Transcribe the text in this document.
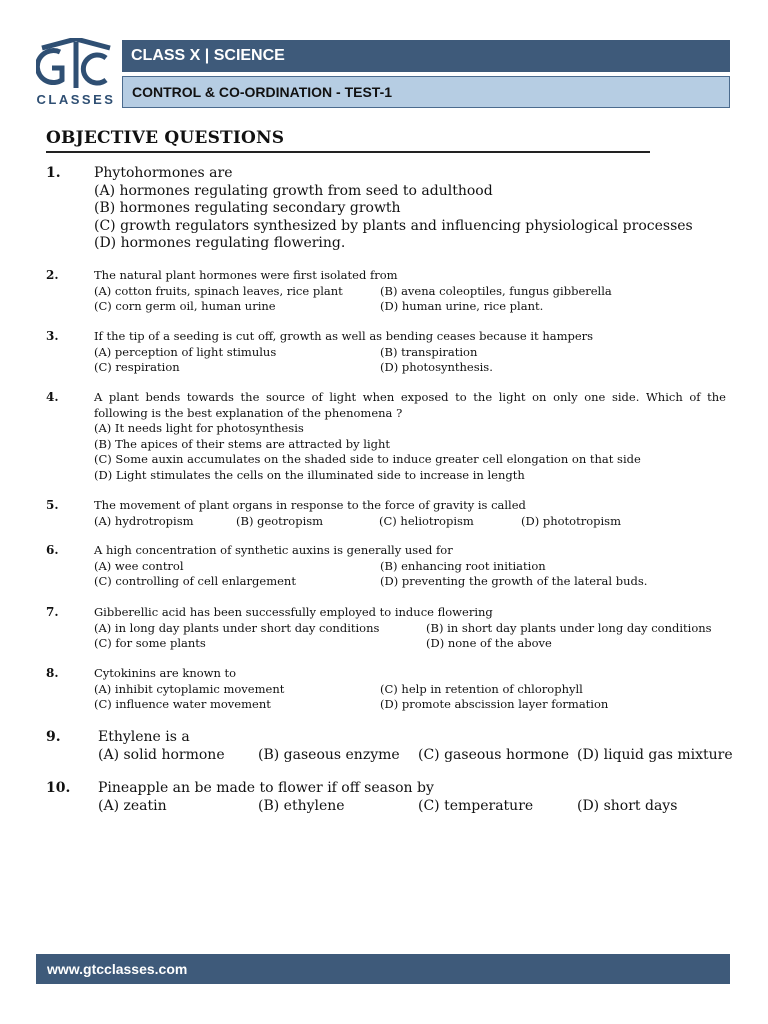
CLASSES
CLASS X | SCIENCE
CONTROL & CO-ORDINATION - TEST-1
OBJECTIVE QUESTIONS
1. Phytohormones are
(A) hormones regulating growth from seed to adulthood
(B) hormones regulating secondary growth
(C) growth regulators synthesized by plants and influencing physiological processes
(D) hormones regulating flowering.
2.	The natural plant hormones were first isolated from
(A) cotton fruits, spinach leaves, rice plant	(B) avena coleoptiles, fungus gibberella
(C) corn germ oil, human urine	(D) human urine, rice plant.
3.	If the tip of a seeding is cut off, growth as well as bending ceases because it hampers
(A) perception of light stimulus	(B) transpiration
(C) respiration	(D) photosynthesis.
4.	A plant bends towards the source of light when exposed to the light on only one side. Which of the following is the best explanation of the phenomena ?
(A) It needs light for photosynthesis
(B) The apices of their stems are attracted by light
(C) Some auxin accumulates on the shaded side to induce greater cell elongation on that side
(D) Light stimulates the cells on the illuminated side to increase in length
5.	The movement of plant organs in response to the force of gravity is called
(A) hydrotropism	(B) geotropism	(C) heliotropism	(D) phototropism
6.	A high concentration of synthetic auxins is generally used for
(A) wee control	(B) enhancing root initiation
(C) controlling of cell enlargement	(D) preventing the growth of the lateral buds.
7.	Gibberellic acid has been successfully employed to induce flowering
(A) in long day plants under short day conditions	(B) in short day plants under long day conditions
(C) for some plants	(D) none of the above
8.	Cytokinins are known to
(A) inhibit cytoplamic movement	(C) help in retention of chlorophyll
(C) influence water movement	(D) promote abscission layer formation
9.	Ethylene is a
(A) solid hormone	(B) gaseous enzyme	(C) gaseous hormone (D) liquid gas mixture
10. Pineapple an be made to flower if off season by
(A) zeatin	(B) ethylene	(C) temperature	(D) short days
www.gtcclasses.com
